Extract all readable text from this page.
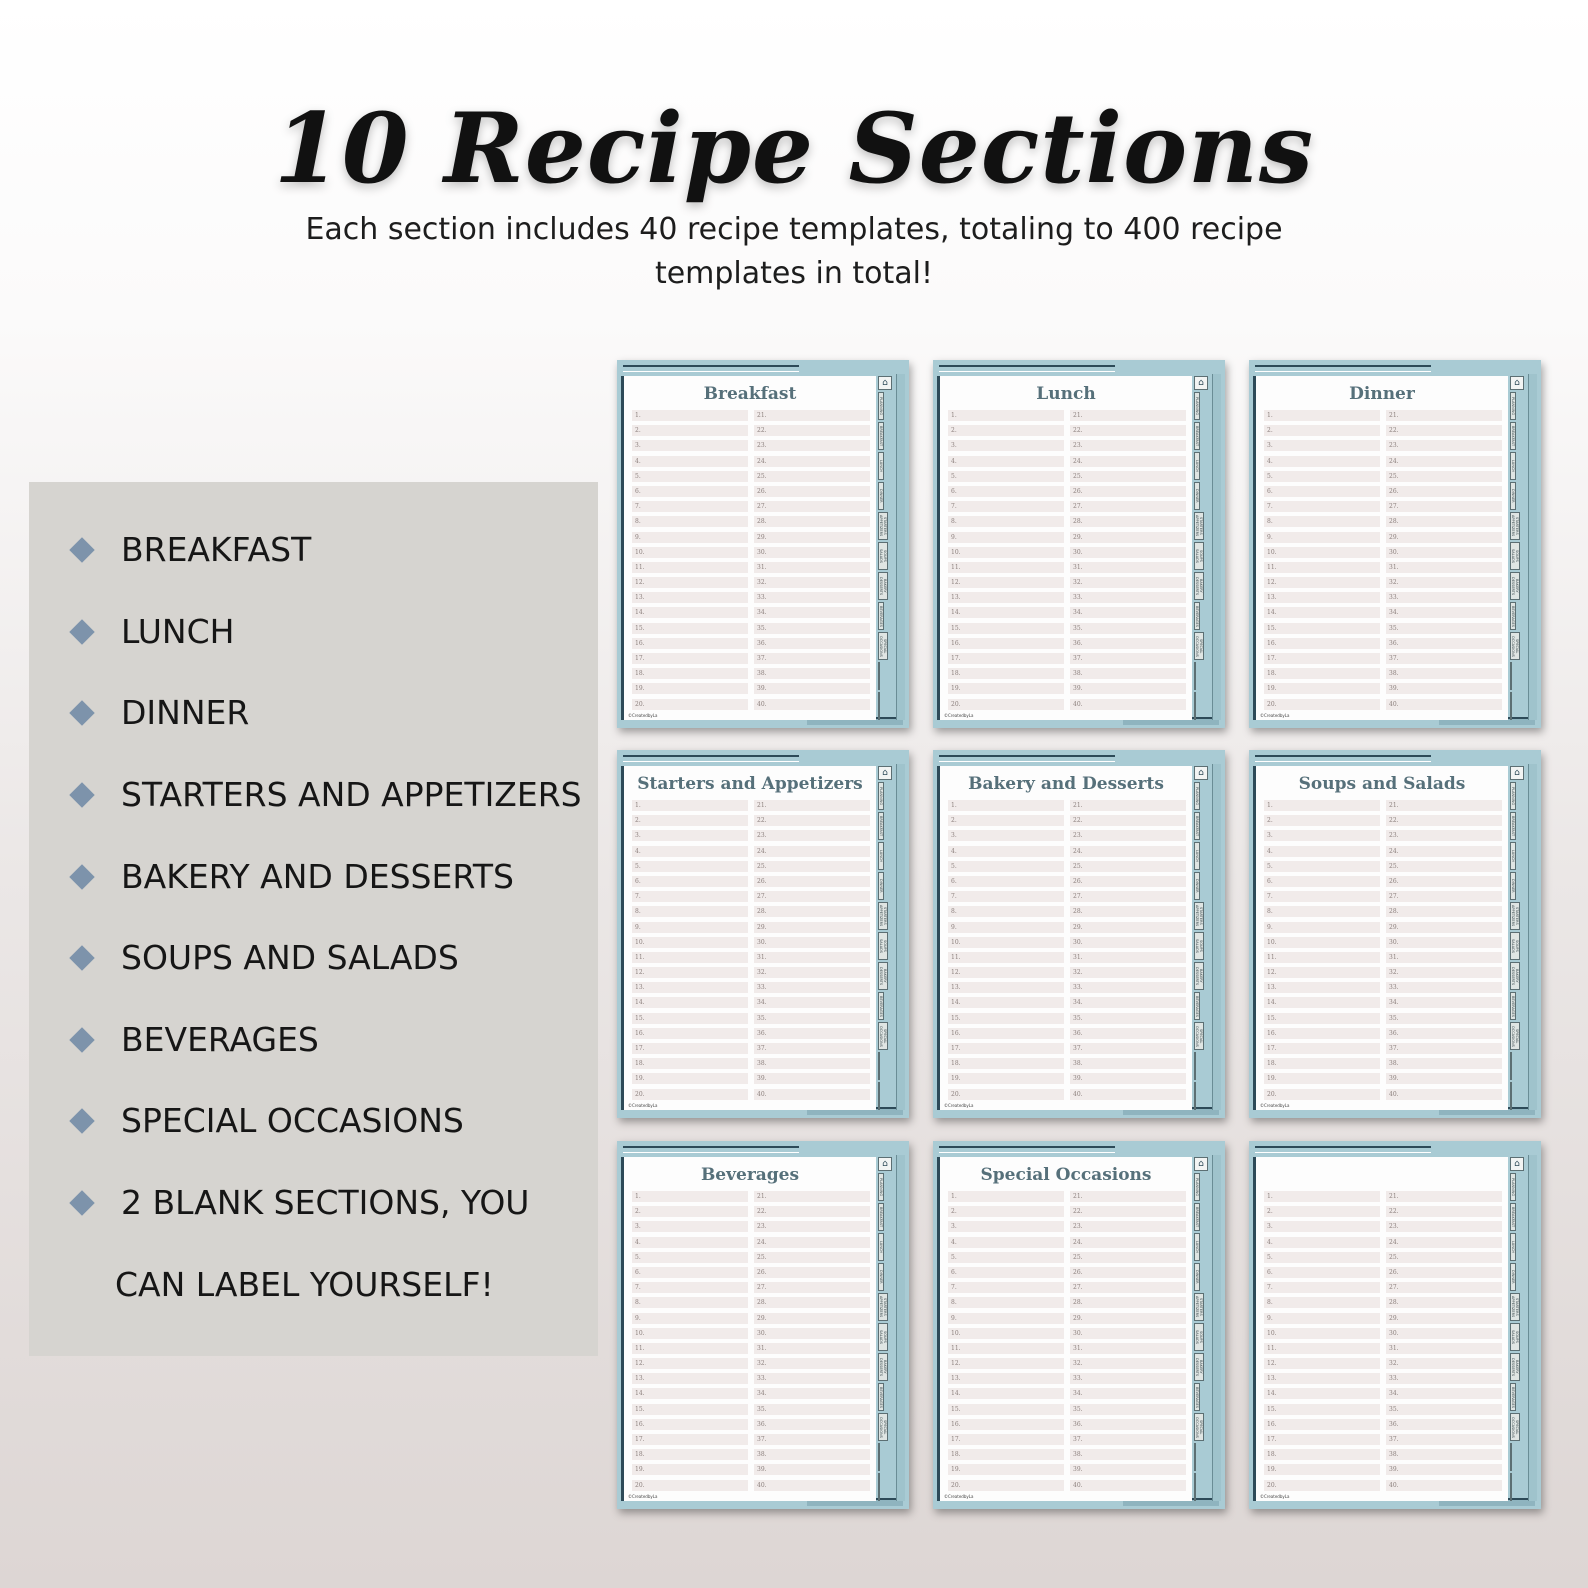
10 Recipe Sections
Each section includes 40 recipe templates, totaling to 400 recipe templates in total!
BREAKFAST
LUNCH
DINNER
STARTERS AND APPETIZERS
BAKERY AND DESSERTS
SOUPS AND SALADS
BEVERAGES
SPECIAL OCCASIONS
2 BLANK SECTIONS, YOU
CAN LABEL YOURSELF!
Breakfast
1.	21.
2.	22.
3.	23.
4.	24.
5.	25.
6.	26.
7.	27.
8.	28.
9.	29.
10.	30.
11.	31.
12.	32.
13.	33.
14.	34.
15.	35.
16.	36.
17.	37.
18.	38.
19.	39.
20.	40.
©CreatedbyLa
⌂
PLANNING
BREAKFAST
LUNCH
DINNER
STARTERS APPETIZERS
SOUPS SALADS
BAKERY DESSERTS
BEVERAGES
SPECIAL OCCASIONS
Lunch
1.	21.
2.	22.
3.	23.
4.	24.
5.	25.
6.	26.
7.	27.
8.	28.
9.	29.
10.	30.
11.	31.
12.	32.
13.	33.
14.	34.
15.	35.
16.	36.
17.	37.
18.	38.
19.	39.
20.	40.
©CreatedbyLa
⌂
PLANNING
BREAKFAST
LUNCH
DINNER
STARTERS APPETIZERS
SOUPS SALADS
BAKERY DESSERTS
BEVERAGES
SPECIAL OCCASIONS
Dinner
1.	21.
2.	22.
3.	23.
4.	24.
5.	25.
6.	26.
7.	27.
8.	28.
9.	29.
10.	30.
11.	31.
12.	32.
13.	33.
14.	34.
15.	35.
16.	36.
17.	37.
18.	38.
19.	39.
20.	40.
©CreatedbyLa
⌂
PLANNING
BREAKFAST
LUNCH
DINNER
STARTERS APPETIZERS
SOUPS SALADS
BAKERY DESSERTS
BEVERAGES
SPECIAL OCCASIONS
Starters and Appetizers
1.	21.
2.	22.
3.	23.
4.	24.
5.	25.
6.	26.
7.	27.
8.	28.
9.	29.
10.	30.
11.	31.
12.	32.
13.	33.
14.	34.
15.	35.
16.	36.
17.	37.
18.	38.
19.	39.
20.	40.
©CreatedbyLa
⌂
PLANNING
BREAKFAST
LUNCH
DINNER
STARTERS APPETIZERS
SOUPS SALADS
BAKERY DESSERTS
BEVERAGES
SPECIAL OCCASIONS
Bakery and Desserts
1.	21.
2.	22.
3.	23.
4.	24.
5.	25.
6.	26.
7.	27.
8.	28.
9.	29.
10.	30.
11.	31.
12.	32.
13.	33.
14.	34.
15.	35.
16.	36.
17.	37.
18.	38.
19.	39.
20.	40.
©CreatedbyLa
⌂
PLANNING
BREAKFAST
LUNCH
DINNER
STARTERS APPETIZERS
SOUPS SALADS
BAKERY DESSERTS
BEVERAGES
SPECIAL OCCASIONS
Soups and Salads
1.	21.
2.	22.
3.	23.
4.	24.
5.	25.
6.	26.
7.	27.
8.	28.
9.	29.
10.	30.
11.	31.
12.	32.
13.	33.
14.	34.
15.	35.
16.	36.
17.	37.
18.	38.
19.	39.
20.	40.
©CreatedbyLa
⌂
PLANNING
BREAKFAST
LUNCH
DINNER
STARTERS APPETIZERS
SOUPS SALADS
BAKERY DESSERTS
BEVERAGES
SPECIAL OCCASIONS
Beverages
1.	21.
2.	22.
3.	23.
4.	24.
5.	25.
6.	26.
7.	27.
8.	28.
9.	29.
10.	30.
11.	31.
12.	32.
13.	33.
14.	34.
15.	35.
16.	36.
17.	37.
18.	38.
19.	39.
20.	40.
©CreatedbyLa
⌂
PLANNING
BREAKFAST
LUNCH
DINNER
STARTERS APPETIZERS
SOUPS SALADS
BAKERY DESSERTS
BEVERAGES
SPECIAL OCCASIONS
Special Occasions
1.	21.
2.	22.
3.	23.
4.	24.
5.	25.
6.	26.
7.	27.
8.	28.
9.	29.
10.	30.
11.	31.
12.	32.
13.	33.
14.	34.
15.	35.
16.	36.
17.	37.
18.	38.
19.	39.
20.	40.
©CreatedbyLa
⌂
PLANNING
BREAKFAST
LUNCH
DINNER
STARTERS APPETIZERS
SOUPS SALADS
BAKERY DESSERTS
BEVERAGES
SPECIAL OCCASIONS
1.	21.
2.	22.
3.	23.
4.	24.
5.	25.
6.	26.
7.	27.
8.	28.
9.	29.
10.	30.
11.	31.
12.	32.
13.	33.
14.	34.
15.	35.
16.	36.
17.	37.
18.	38.
19.	39.
20.	40.
©CreatedbyLa
⌂
PLANNING
BREAKFAST
LUNCH
DINNER
STARTERS APPETIZERS
SOUPS SALADS
BAKERY DESSERTS
BEVERAGES
SPECIAL OCCASIONS
